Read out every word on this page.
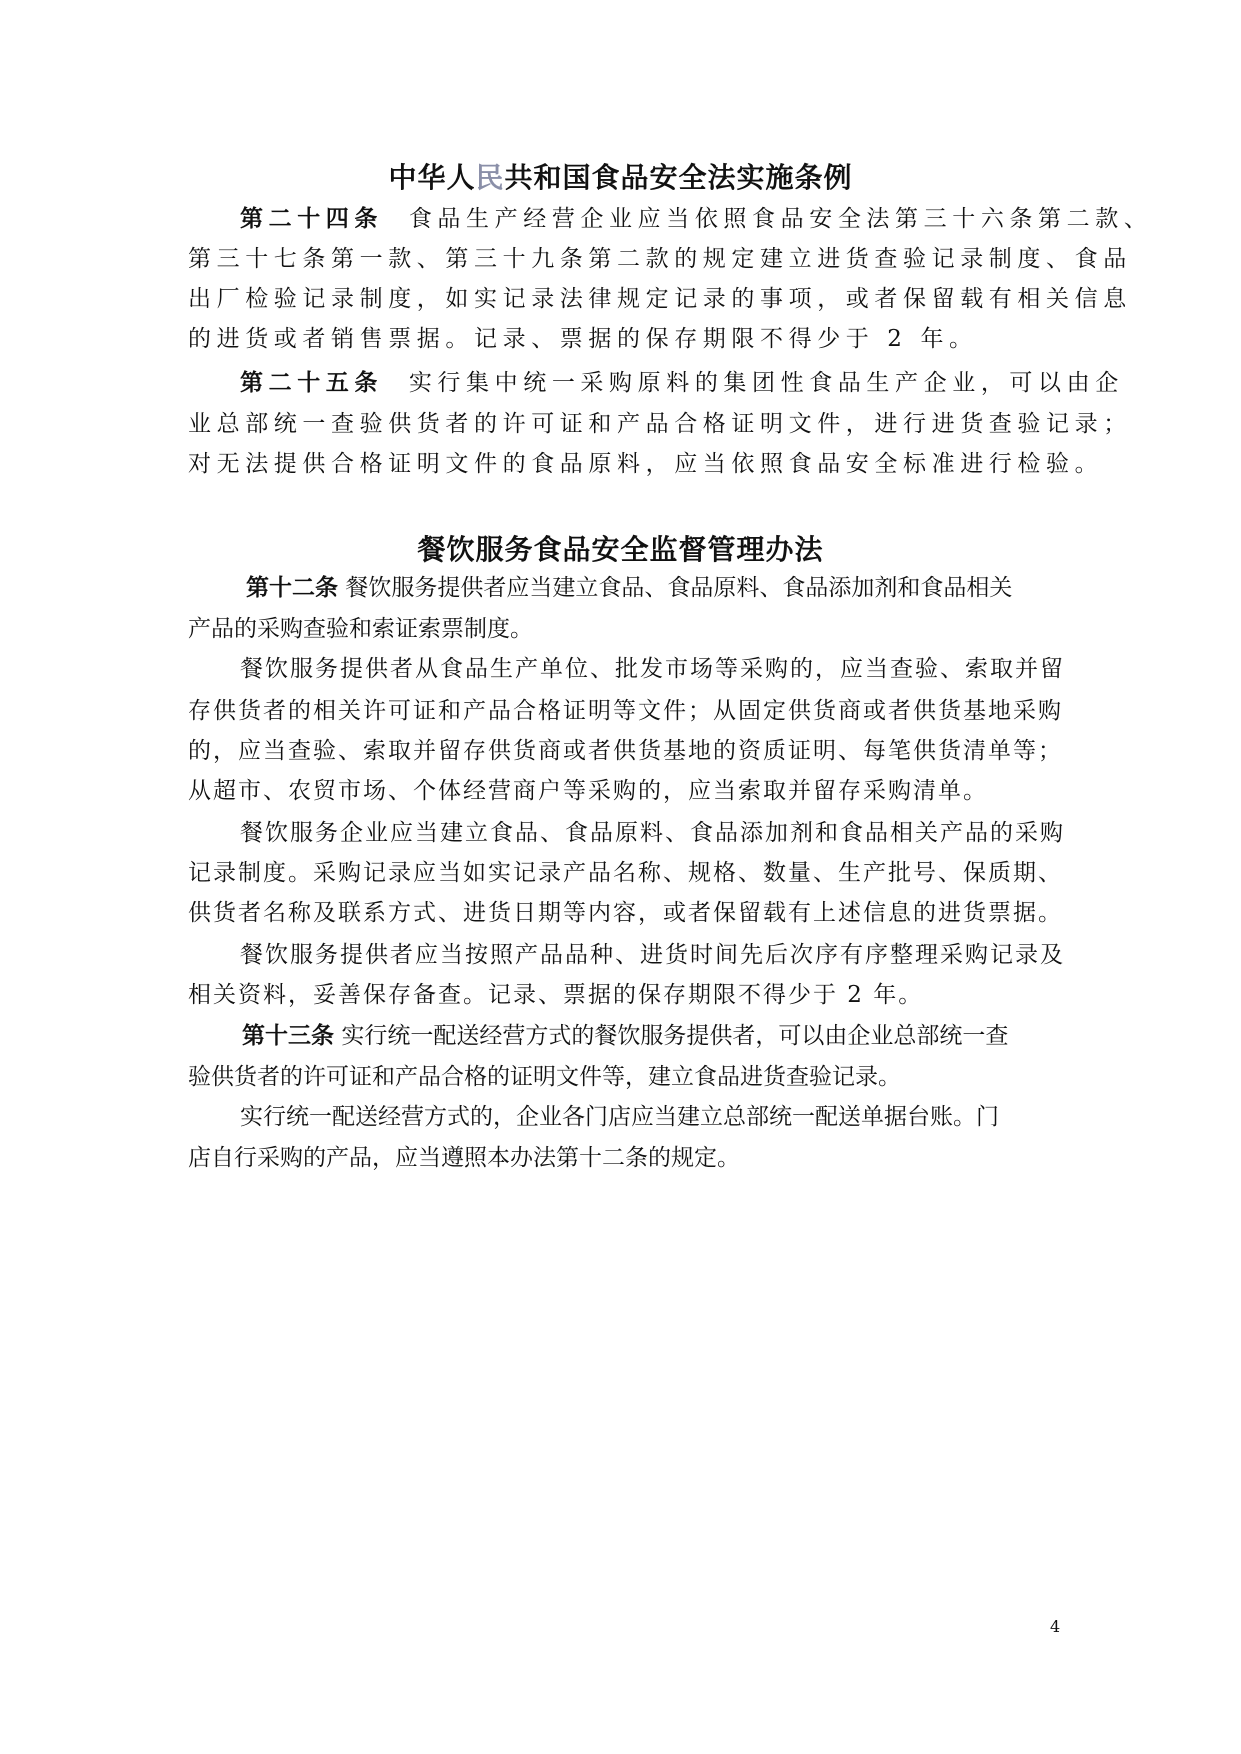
中华人民共和国食品安全法实施条例
第二十四条 食品生产经营企业应当依照食品安全法第三十六条第二款、
第三十七条第一款、第三十九条第二款的规定建立进货查验记录制度、食品
出厂检验记录制度，如实记录法律规定记录的事项，或者保留载有相关信息
的进货或者销售票据。记录、票据的保存期限不得少于 2 年。
第二十五条 实行集中统一采购原料的集团性食品生产企业，可以由企
业总部统一查验供货者的许可证和产品合格证明文件，进行进货查验记录；
对无法提供合格证明文件的食品原料，应当依照食品安全标准进行检验。
餐饮服务食品安全监督管理办法
第十二条 餐饮服务提供者应当建立食品、食品原料、食品添加剂和食品相关
产品的采购查验和索证索票制度。
餐饮服务提供者从食品生产单位、批发市场等采购的，应当查验、索取并留
存供货者的相关许可证和产品合格证明等文件；从固定供货商或者供货基地采购
的，应当查验、索取并留存供货商或者供货基地的资质证明、每笔供货清单等；
从超市、农贸市场、个体经营商户等采购的，应当索取并留存采购清单。
餐饮服务企业应当建立食品、食品原料、食品添加剂和食品相关产品的采购
记录制度。采购记录应当如实记录产品名称、规格、数量、生产批号、保质期、
供货者名称及联系方式、进货日期等内容，或者保留载有上述信息的进货票据。
餐饮服务提供者应当按照产品品种、进货时间先后次序有序整理采购记录及
相关资料，妥善保存备查。记录、票据的保存期限不得少于 2 年。
第十三条 实行统一配送经营方式的餐饮服务提供者，可以由企业总部统一查
验供货者的许可证和产品合格的证明文件等，建立食品进货查验记录。
实行统一配送经营方式的，企业各门店应当建立总部统一配送单据台账。门
店自行采购的产品，应当遵照本办法第十二条的规定。
4
